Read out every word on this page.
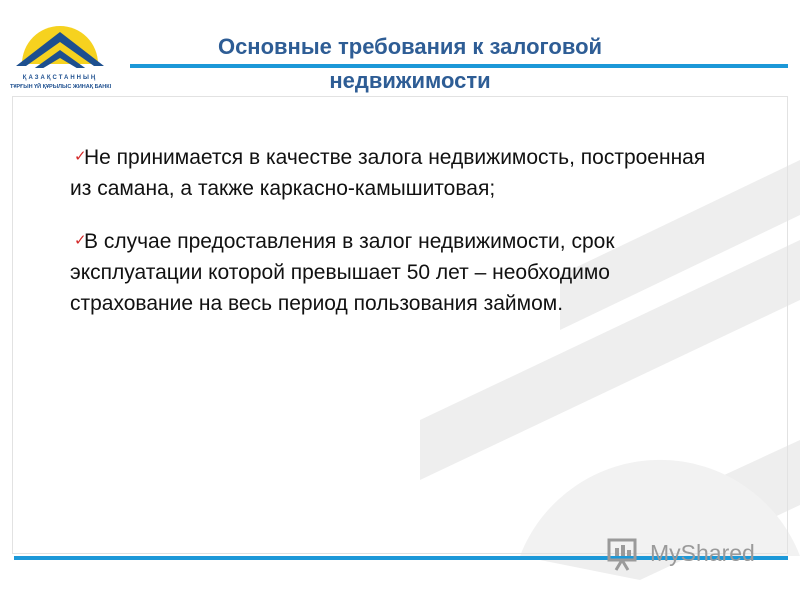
ҚАЗАҚСТАННЫҢ
ТҰРҒЫН ҮЙ ҚҰРЫЛЫС ЖИНАҚ БАНКІ
Основные требования к залоговой недвижимости
✓
Не принимается в качестве залога недвижимость, построенная из самана, а также каркасно-камышитовая;
✓
В случае предоставления в залог недвижимости, срок эксплуатации которой превышает 50 лет – необходимо страхование на весь период пользования займом.
MyShared
